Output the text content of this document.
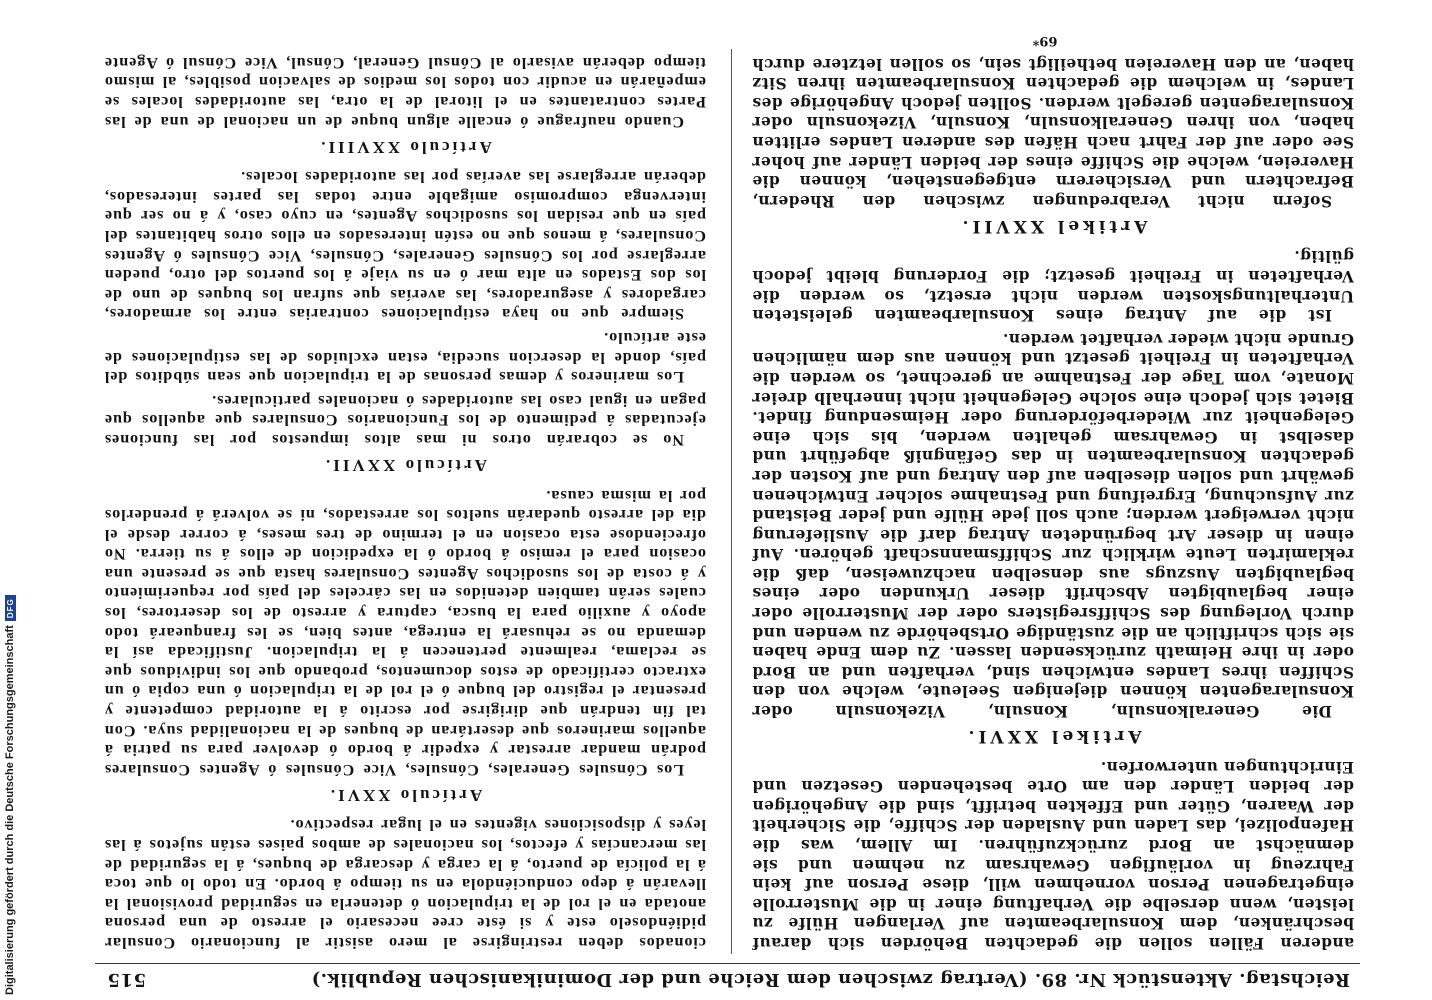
Digitalisierung gefördert durch die Deutsche Forschungsgemeinschaft
DFG
Reichstag. Aktenstück Nr. 89. (Vertrag zwischen dem Reiche und der Dominikanischen Republik.)
515

anderen Fällen sollen die gedachten Behörden sich darauf beschränken, dem Konsularbeamten auf Verlangen Hülfe zu leisten, wenn derselbe die Verhaftung einer in die Musterrolle eingetragenen Person vornehmen will, diese Person auf kein Fahrzeug in vorläufigen Gewahrsam zu nehmen und sie demnächst an Bord zurückzuführen. Im Allem, was die Hafenpolizei, das Laden und Ausladen der Schiffe, die Sicherheit der Waaren, Güter und Effekten betrifft, sind die Angehörigen der beiden Länder den am Orte bestehenden Gesetzen und Einrichtungen unterworfen.

Artikel XXVI.

Die Generalkonsuln, Konsuln, Vizekonsuln oder Konsularagenten können diejenigen Seeleute, welche von den Schiffen ihres Landes entwichen sind, verhaften und an Bord oder in ihre Heimath zurücksenden lassen. Zu dem Ende haben sie sich schriftlich an die zuständige Ortsbehörde zu wenden und durch Vorlegung des Schiffsregisters oder der Musterrolle oder einer beglaubigten Abschrift dieser Urkunden oder eines beglaubigten Auszugs aus denselben nachzuweisen, daß die reklamirten Leute wirklich zur Schiffsmannschaft gehören. Auf einen in dieser Art begründeten Antrag darf die Auslieferung nicht verweigert werden; auch soll jede Hülfe und jeder Beistand zur Aufsuchung, Ergreifung und Festnahme solcher Entwichenen gewährt und sollen dieselben auf den Antrag und auf Kosten der gedachten Konsularbeamten in das Gefängniß abgeführt und daselbst in Gewahrsam gehalten werden, bis sich eine Gelegenheit zur Wiederbeförderung oder Heimsendung findet. Bietet sich jedoch eine solche Gelegenheit nicht innerhalb dreier Monate, vom Tage der Festnahme an gerechnet, so werden die Verhafteten in Freiheit gesetzt und können aus dem nämlichen Grunde nicht wieder verhaftet werden.

Ist die auf Antrag eines Konsularbeamten geleisteten Unterhaltungskosten werden nicht ersetzt, so werden die Verhafteten in Freiheit gesetzt; die Forderung bleibt jedoch gültig.

Artikel XXVII.

Sofern nicht Verabredungen zwischen den Rhedern, Befrachtern und Versicherern entgegenstehen, können die Havereien, welche die Schiffe eines der beiden Länder auf hoher See oder auf der Fahrt nach Häfen des anderen Landes erlitten haben, von ihren Generalkonsuln, Konsuln, Vizekonsuln oder Konsularagenten geregelt werden. Sollten jedoch Angehörige des Landes, in welchem die gedachten Konsularbeamten ihren Sitz haben, an den Havereien betheiligt sein, so sollen letztere durch

cionados deben restringirse al mero asistir al funcionario Consular pidiéndoselo este y si éste cree necesario el arresto de una persona anotada en el rol de la tripulacion ó detenerla en seguridad provisional la llevarán á depo conduciéndola en su tiempo á bordo. En todo lo que toca á la policía de puerto, á la carga y descarga de buques, á la seguridad de las mercancías y efectos, los nacionales de ambos paises están sujetos á las leyes y disposiciones vigentes en el lugar respectivo.

Artículo XXVI.

Los Cónsules Generales, Cónsules, Vice Cónsules ó Agentes Consulares podrán mandar arrestar y expedir á bordo ó devolver para su patria á aquellos marineros que desertáran de buques de la nacionalidad suya. Con tal fin tendrán que dirigirse por escrito á la autoridad competente y presentar el registro del buque ó el rol de la tripulacion ó una copia ó un extracto certificado de estos documentos, probando que los individuos que se reclama, realmente pertenecen á la tripulacion. Justificada así la demanda no se rehusará la entrega, antes bien, se les franqueará todo apoyo y auxilio para la busca, captura y arresto de los desertores, los cuales serán tambien detenidos en las cárceles del país por requerimiento y á costa de los susodichos Agentes Consulares hasta que se presente una ocasion para el remiso á bordo ó la expedicion de ellos á su tierra. No ofreciendose esta ocasion en el termino de tres meses, á correr desde el dia del arresto quedarán sueltos los arrestados, ni se volverá á prenderlos por la misma causa.

Artículo XXVII.

No se cobrarán otros ni mas altos impuestos por las funciones ejecutadas á pedimento de los Funcionarios Consulares que aquellos que pagan en igual caso las autoridades ó nacionales particulares.

Los marineros y demas personas de la tripulacion que sean súbditos del país, donde la desercion sucedia, estan excluidos de las estipulaciones de este artículo.

Siempre que no haya estipulaciones contrarias entre los armadores, cargadores y aseguradores, las averías que sufran los buques de uno de los dos Estados en alta mar ó en su viaje á los puertos del otro, pueden arreglarse por los Cónsules Generales, Cónsules, Vice Cónsules ó Agentes Consulares, á menos que no estén interesados en ellos otros habitantes del país en que residan los susodichos Agentes, en cuyo caso, y á no ser que intervenga compromiso amigable entre todas las partes interesados, deberán arreglarse las averías por las autoridades locales.

Artículo XXVIII.

Cuando naufrague ó encalle algun buque de un nacional de una de las Partes contratantes en el litoral de la otra, las autoridades locales se empeñarán en acudir con todos los medios de salvacion posibles, al mismo tiempo deberán avisarlo al Cónsul General, Cónsul, Vice Cónsul ó Agente

69*
